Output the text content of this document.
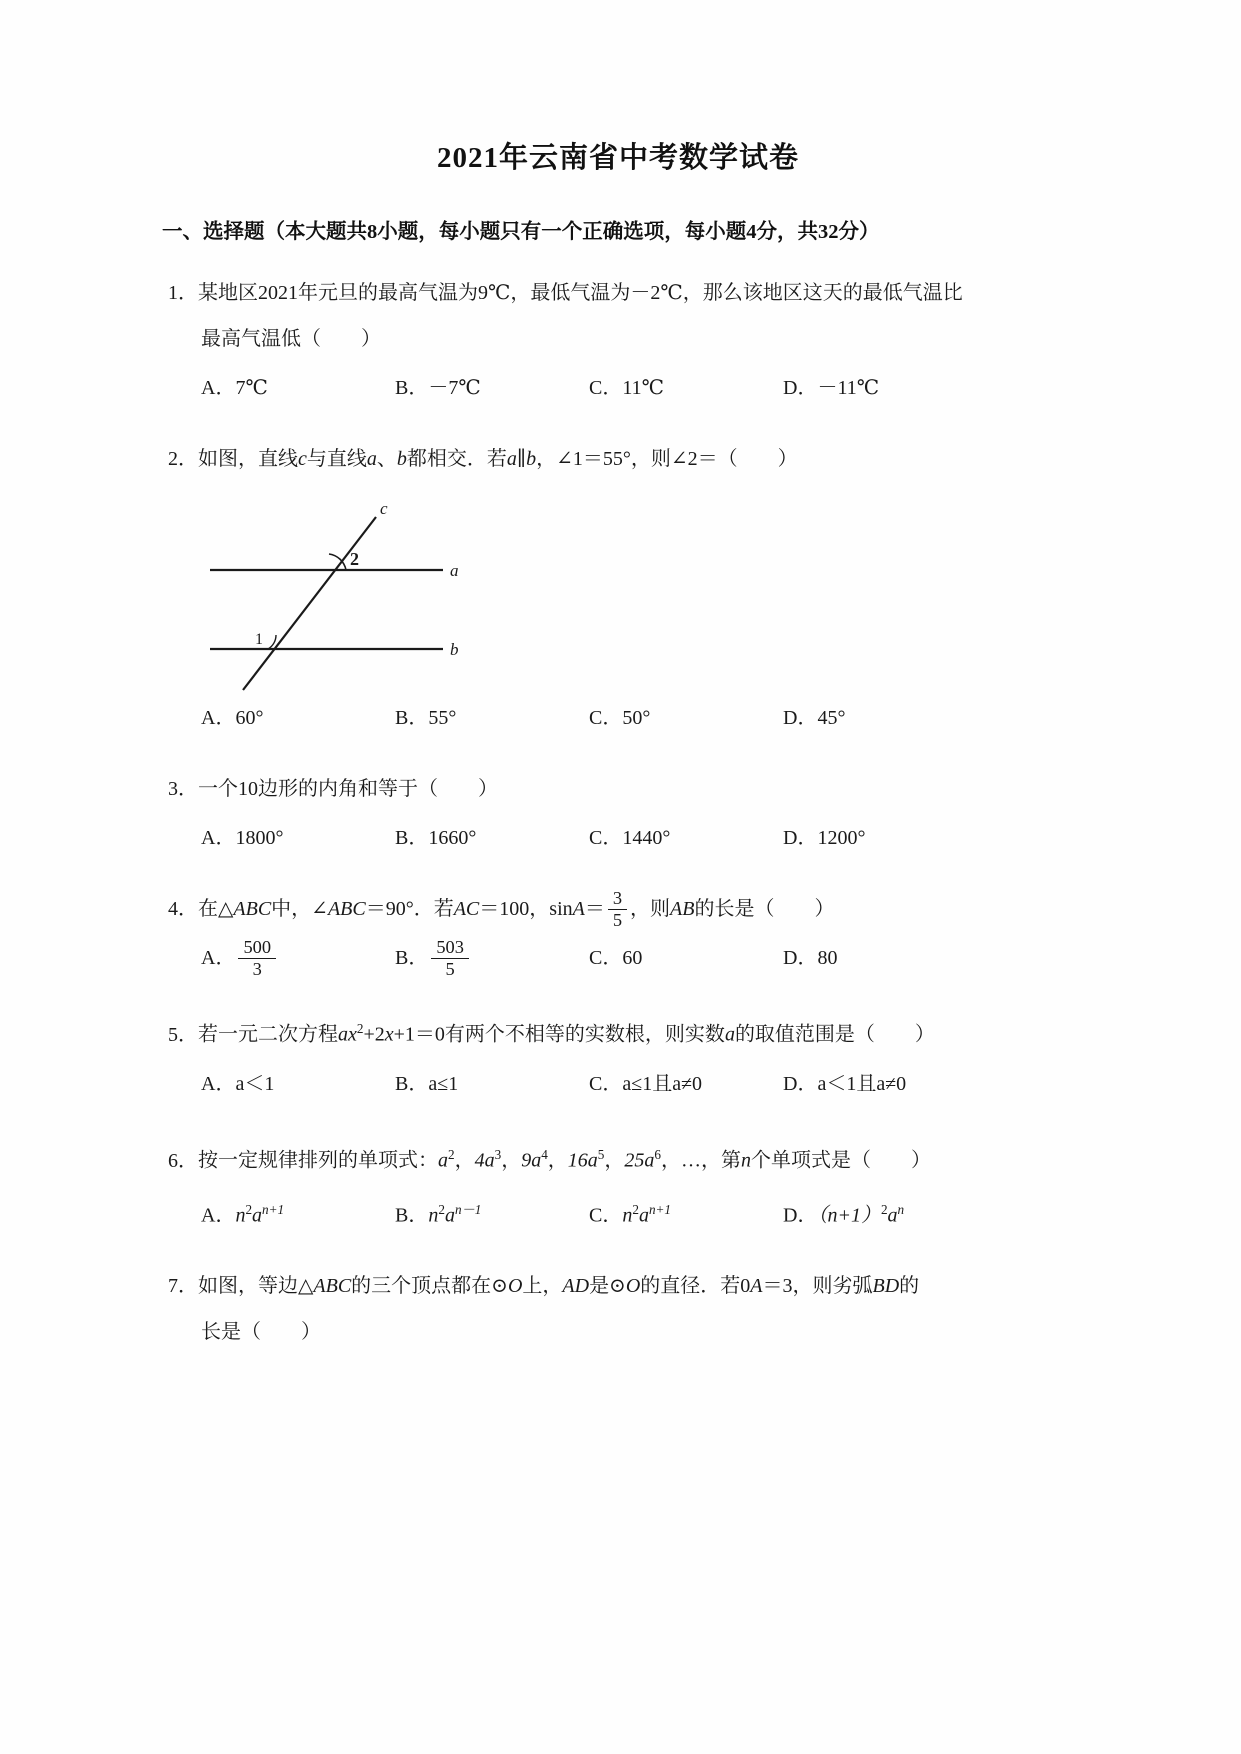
2021年云南省中考数学试卷
一、选择题（本大题共8小题，每小题只有一个正确选项，每小题4分，共32分）
1．某地区2021年元旦的最高气温为9℃，最低气温为－2℃，那么该地区这天的最低气温比
最高气温低（　　）
A．7℃	B．－7℃	C．11℃	D．－11℃
2．如图，直线c与直线a、b都相交．若a∥b，∠1＝55°，则∠2＝（　　）
c
a
b
2
1
A．60°	B．55°	C．50°	D．45°
3．一个10边形的内角和等于（　　）
A．1800°	B．1660°	C．1440°	D．1200°
4．在△ABC中，∠ABC＝90°．若AC＝100，$\sin A= \frac{3}{5}$ ，则AB的长是（　　）
A． $\frac{500}{3}$	B． $\frac{503}{5}$	C．60	D．80
5．若一元二次方程$ax^2+2x+1=0$有两个不相等的实数根，则实数a的取值范围是（　　）
A．a＜1	B．a≤1	C．a≤1且a≠0	D．a＜1且a≠0
6．按一定规律排列的单项式：$a^2$，$4a^3$，$9a^4$，$16a^5$，$25a^6$，…，第n个单项式是（　　）
A．$n^2a^{n+1}$	B．$n^2a^{n-1}$	C．$n^2a^{n+1}$	D．$(n+1)^2a^n$
7．如图，等边△ABC的三个顶点都在⊙O上，AD是⊙O的直径．若0A＝3，则劣弧BD的
长是（　　）
